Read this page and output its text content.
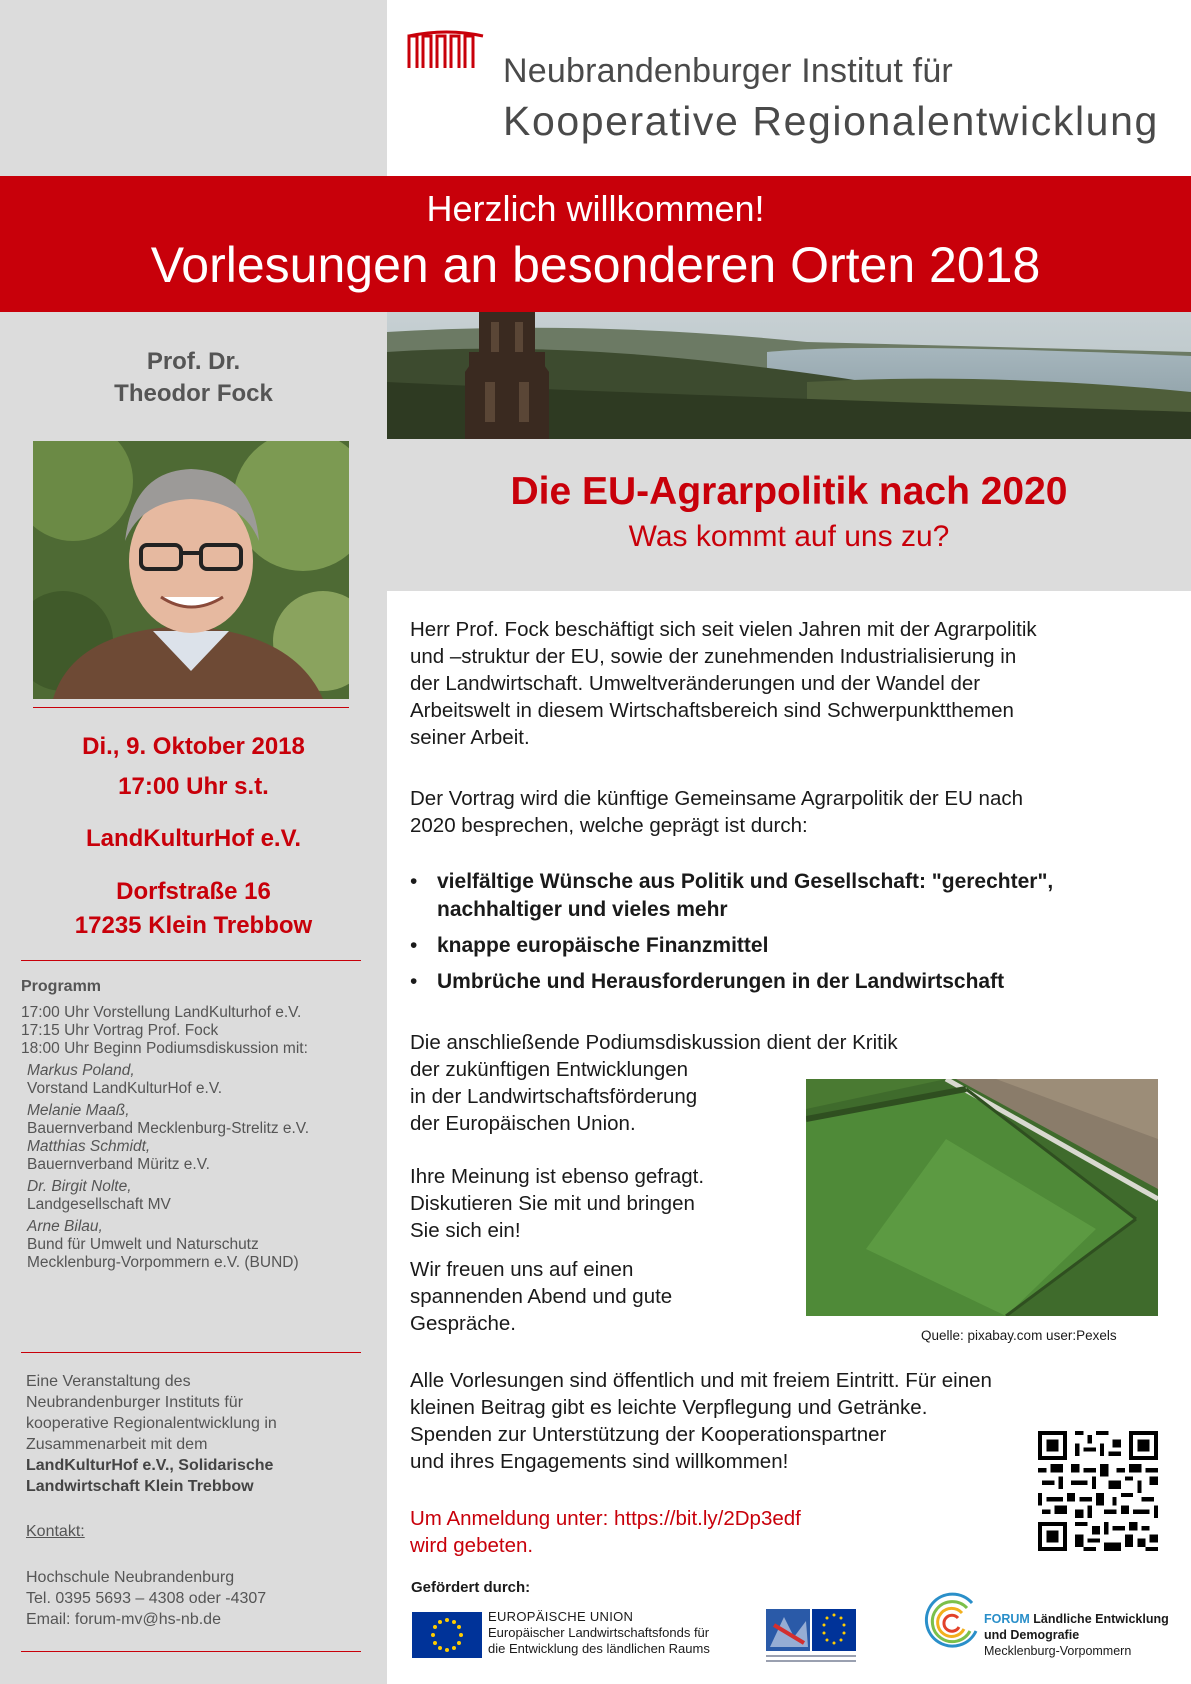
Neubrandenburger Institut für
Kooperative Regionalentwicklung
Herzlich willkommen!
Vorlesungen an besonderen Orten 2018
Die EU-Agrarpolitik nach 2020
Was kommt auf uns zu?
Prof. Dr.
Theodor Fock
Di., 9. Oktober 2018
17:00 Uhr s.t.
LandKulturHof e.V.
Dorfstraße 16
17235 Klein Trebbow
Programm
17:00 Uhr Vorstellung LandKulturhof e.V.
17:15 Uhr Vortrag Prof. Fock
18:00 Uhr Beginn Podiumsdiskussion mit:
Markus Poland,
Vorstand LandKulturHof e.V.
Melanie Maaß,
Bauernverband Mecklenburg-Strelitz e.V.
Matthias Schmidt,
Bauernverband Müritz e.V.
Dr. Birgit Nolte,
Landgesellschaft MV
Arne Bilau,
Bund für Umwelt und Naturschutz
Mecklenburg-Vorpommern e.V. (BUND)
Eine Veranstaltung des
Neubrandenburger Instituts für
kooperative Regionalentwicklung in
Zusammenarbeit mit dem
LandKulturHof e.V., Solidarische
Landwirtschaft Klein Trebbow
Kontakt:
Hochschule Neubrandenburg
Tel. 0395 5693 – 4308 oder -4307
Email: forum-mv@hs-nb.de
Herr Prof. Fock beschäftigt sich seit vielen Jahren mit der Agrarpolitik
und –struktur der EU, sowie der zunehmenden Industrialisierung in
der Landwirtschaft. Umweltveränderungen und der Wandel der
Arbeitswelt in diesem Wirtschaftsbereich sind Schwerpunktthemen
seiner Arbeit.
Der Vortrag wird die künftige Gemeinsame Agrarpolitik der EU nach
2020 besprechen, welche geprägt ist durch:
• vielfältige Wünsche aus Politik und Gesellschaft: "gerechter",
nachhaltiger und vieles mehr
• knappe europäische Finanzmittel
• Umbrüche und Herausforderungen in der Landwirtschaft
Die anschließende Podiumsdiskussion dient der Kritik
der zukünftigen Entwicklungen
in der Landwirtschaftsförderung
der Europäischen Union.
Ihre Meinung ist ebenso gefragt.
Diskutieren Sie mit und bringen
Sie sich ein!
Wir freuen uns auf einen
spannenden Abend und gute
Gespräche.
Quelle: pixabay.com user:Pexels
Alle Vorlesungen sind öffentlich und mit freiem Eintritt. Für einen
kleinen Beitrag gibt es leichte Verpflegung und Getränke.
Spenden zur Unterstützung der Kooperationspartner
und ihres Engagements sind willkommen!
Um Anmeldung unter: https://bit.ly/2Dp3edf
wird gebeten.
Gefördert durch:
EUROPÄISCHE UNION
Europäischer Landwirtschaftsfonds für
die Entwicklung des ländlichen Raums
FORUM Ländliche Entwicklung
und Demografie
Mecklenburg-Vorpommern
